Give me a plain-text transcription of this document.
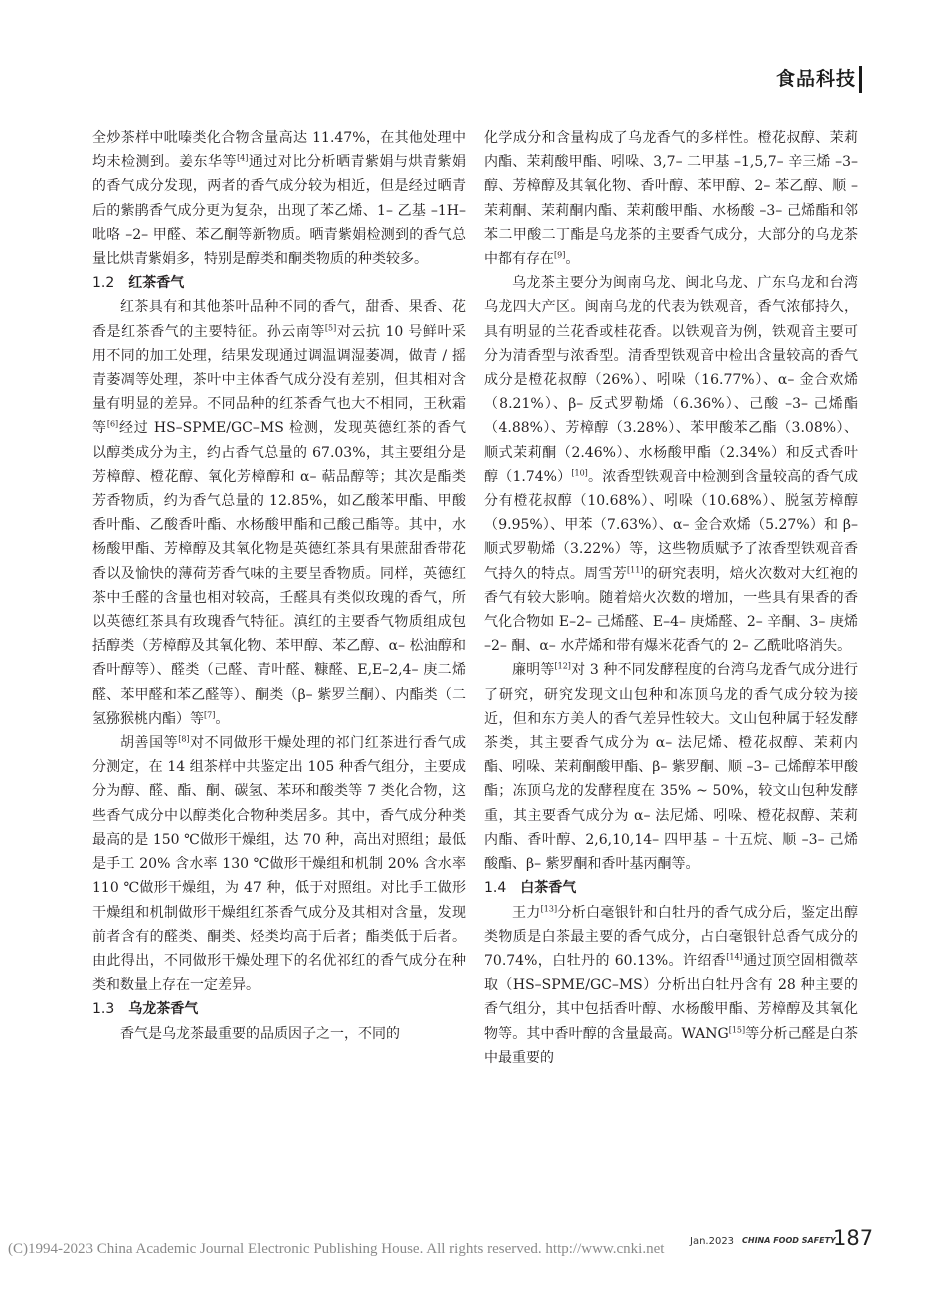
食品科技

全炒茶样中吡嗪类化合物含量高达 11.47%，在其他处理中均未检测到。姜东华等[4]通过对比分析晒青紫娟与烘青紫娟的香气成分发现，两者的香气成分较为相近，但是经过晒青后的紫鹃香气成分更为复杂，出现了苯乙烯、1– 乙基 –1H– 吡咯 –2– 甲醛、苯乙酮等新物质。晒青紫娟检测到的香气总量比烘青紫娟多，特别是醇类和酮类物质的种类较多。

1.2 红茶香气

红茶具有和其他茶叶品种不同的香气，甜香、果香、花香是红茶香气的主要特征。孙云南等[5]对云抗 10 号鲜叶采用不同的加工处理，结果发现通过调温调湿萎凋，做青 / 摇青萎凋等处理，茶叶中主体香气成分没有差别，但其相对含量有明显的差异。不同品种的红茶香气也大不相同，王秋霜等[6]经过 HS–SPME/GC–MS 检测，发现英德红茶的香气以醇类成分为主，约占香气总量的 67.03%，其主要组分是芳樟醇、橙花醇、氧化芳樟醇和 α– 萜品醇等；其次是酯类芳香物质，约为香气总量的 12.85%，如乙酸苯甲酯、甲酸香叶酯、乙酸香叶酯、水杨酸甲酯和己酸己酯等。其中，水杨酸甲酯、芳樟醇及其氧化物是英德红茶具有果蔗甜香带花香以及愉快的薄荷芳香气味的主要呈香物质。同样，英德红茶中壬醛的含量也相对较高，壬醛具有类似玫瑰的香气，所以英德红茶具有玫瑰香气特征。滇红的主要香气物质组成包括醇类（芳樟醇及其氧化物、苯甲醇、苯乙醇、α– 松油醇和香叶醇等）、醛类（己醛、青叶醛、糠醛、E,E–2,4– 庚二烯醛、苯甲醛和苯乙醛等）、酮类（β– 紫罗兰酮）、内酯类（二氢猕猴桃内酯）等[7]。

胡善国等[8]对不同做形干燥处理的祁门红茶进行香气成分测定，在 14 组茶样中共鉴定出 105 种香气组分，主要成分为醇、醛、酯、酮、碳氢、苯环和酸类等 7 类化合物，这些香气成分中以醇类化合物种类居多。其中，香气成分种类最高的是 150 ℃做形干燥组，达 70 种，高出对照组；最低是手工 20% 含水率 130 ℃做形干燥组和机制 20% 含水率 110 ℃做形干燥组，为 47 种，低于对照组。对比手工做形干燥组和机制做形干燥组红茶香气成分及其相对含量，发现前者含有的醛类、酮类、烃类均高于后者；酯类低于后者。由此得出，不同做形干燥处理下的名优祁红的香气成分在种类和数量上存在一定差异。

1.3 乌龙茶香气

香气是乌龙茶最重要的品质因子之一，不同的

化学成分和含量构成了乌龙香气的多样性。橙花叔醇、茉莉内酯、茉莉酸甲酯、吲哚、3,7– 二甲基 –1,5,7– 辛三烯 –3– 醇、芳樟醇及其氧化物、香叶醇、苯甲醇、2– 苯乙醇、顺 – 茉莉酮、茉莉酮内酯、茉莉酸甲酯、水杨酸 –3– 己烯酯和邻苯二甲酸二丁酯是乌龙茶的主要香气成分，大部分的乌龙茶中都有存在[9]。

乌龙茶主要分为闽南乌龙、闽北乌龙、广东乌龙和台湾乌龙四大产区。闽南乌龙的代表为铁观音，香气浓郁持久，具有明显的兰花香或桂花香。以铁观音为例，铁观音主要可分为清香型与浓香型。清香型铁观音中检出含量较高的香气成分是橙花叔醇（26%）、吲哚（16.77%）、α– 金合欢烯（8.21%）、β– 反式罗勒烯（6.36%）、己酸 –3– 己烯酯（4.88%）、芳樟醇（3.28%）、苯甲酸苯乙酯（3.08%）、顺式茉莉酮（2.46%）、水杨酸甲酯（2.34%）和反式香叶醇（1.74%）[10]。浓香型铁观音中检测到含量较高的香气成分有橙花叔醇（10.68%）、吲哚（10.68%）、脱氢芳樟醇（9.95%）、甲苯（7.63%）、α– 金合欢烯（5.27%）和 β– 顺式罗勒烯（3.22%）等，这些物质赋予了浓香型铁观音香气持久的特点。周雪芳[11]的研究表明，焙火次数对大红袍的香气有较大影响。随着焙火次数的增加，一些具有果香的香气化合物如 E–2– 己烯醛、E–4– 庚烯醛、2– 辛酮、3– 庚烯 –2– 酮、α– 水芹烯和带有爆米花香气的 2– 乙酰吡咯消失。

廉明等[12]对 3 种不同发酵程度的台湾乌龙香气成分进行了研究，研究发现文山包种和冻顶乌龙的香气成分较为接近，但和东方美人的香气差异性较大。文山包种属于轻发酵茶类，其主要香气成分为 α– 法尼烯、橙花叔醇、茉莉内酯、吲哚、茉莉酮酸甲酯、β– 紫罗酮、顺 –3– 己烯醇苯甲酸酯；冻顶乌龙的发酵程度在 35% ~ 50%，较文山包种发酵重，其主要香气成分为 α– 法尼烯、吲哚、橙花叔醇、茉莉内酯、香叶醇、2,6,10,14– 四甲基 – 十五烷、顺 –3– 己烯酸酯、β– 紫罗酮和香叶基丙酮等。

1.4 白茶香气

王力[13]分析白毫银针和白牡丹的香气成分后，鉴定出醇类物质是白茶最主要的香气成分，占白毫银针总香气成分的 70.74%，白牡丹的 60.13%。许绍香[14]通过顶空固相微萃取（HS–SPME/GC–MS）分析出白牡丹含有 28 种主要的香气组分，其中包括香叶醇、水杨酸甲酯、芳樟醇及其氧化物等。其中香叶醇的含量最高。WANG[15]等分析己醛是白茶中最重要的

Jan.2023 CHINA FOOD SAFETY
187
(C)1994-2023 China Academic Journal Electronic Publishing House. All rights reserved. http://www.cnki.net
